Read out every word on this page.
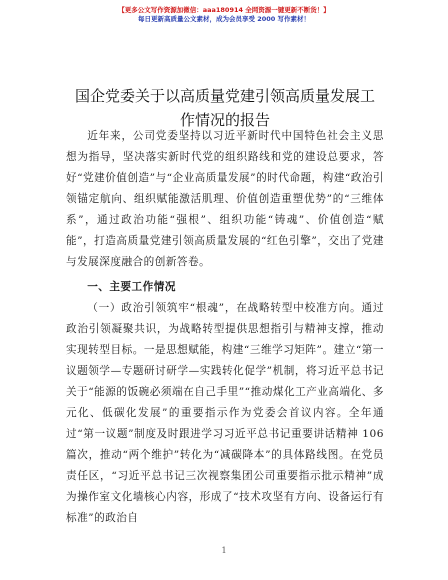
【更多公文写作资源加微信：aaa180914 全网资源一键更新不断货！】
每日更新高质量公文素材，成为会员享受 2000 写作素材！
国企党委关于以高质量党建引领高质量发展工
作情况的报告

近年来，公司党委坚持以习近平新时代中国特色社会主义思想为指导，坚决落实新时代党的组织路线和党的建设总要求，答好“党建价值创造”与“企业高质量发展”的时代命题，构建“政治引领锚定航向、组织赋能激活肌理、价值创造重塑优势”的“三维体系”，通过政治功能“强根”、组织功能“铸魂”、价值创造“赋能”，打造高质量党建引领高质量发展的“红色引擎”，交出了党建与发展深度融合的创新答卷。

一、主要工作情况

（一）政治引领筑牢“根魂”，在战略转型中校准方向。通过政治引领凝聚共识，为战略转型提供思想指引与精神支撑，推动实现转型目标。一是思想赋能，构建“三维学习矩阵”。建立“第一议题领学—专题研讨研学—实践转化促学”机制，将习近平总书记关于“能源的饭碗必须端在自己手里”“推动煤化工产业高端化、多元化、低碳化发展”的重要指示作为党委会首议内容。全年通过“第一议题”制度及时跟进学习习近平总书记重要讲话精神 106 篇次，推动“两个维护”转化为“减碳降本”的具体路线图。在党员责任区，“习近平总书记三次视察集团公司重要指示批示精神”成为操作室文化墙核心内容，形成了“技术攻坚有方向、设备运行有标准”的政治自

1
